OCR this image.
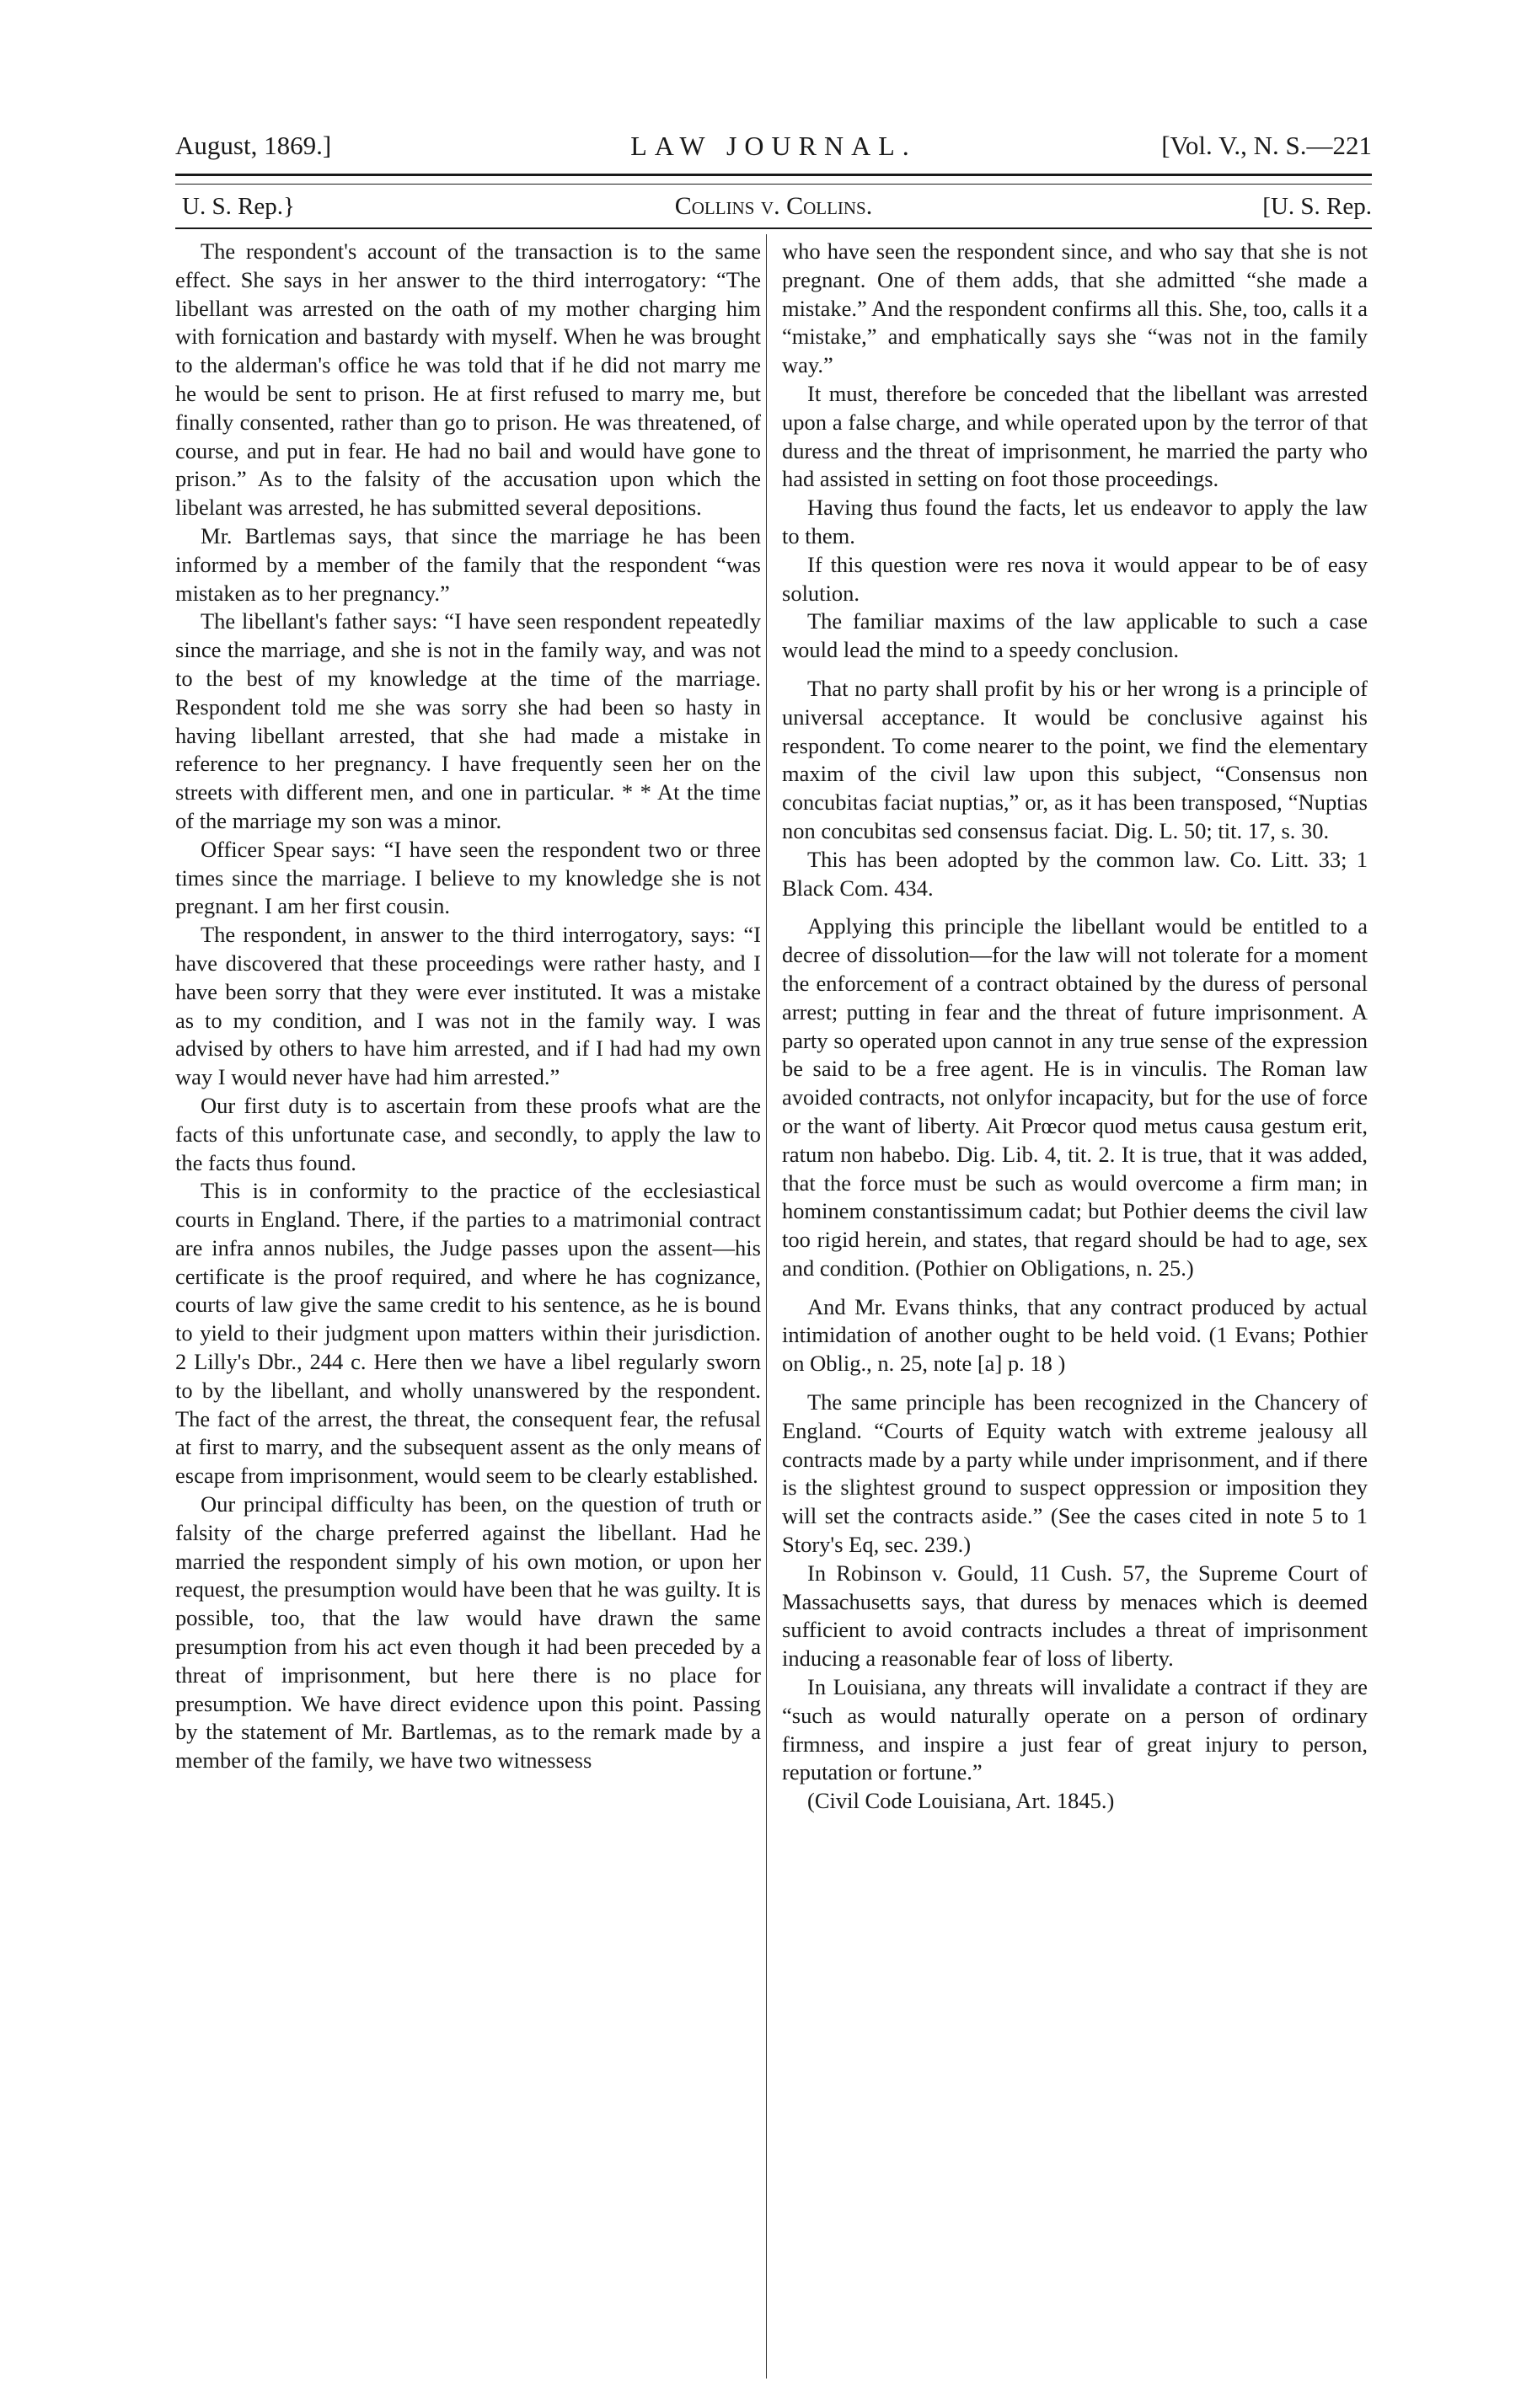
August, 1869.]	LAW JOURNAL.	[Vol. V., N. S.—221
U. S. Rep.}	Collins v. Collins.	[U. S. Rep.

The respondent's account of the transaction is to the same effect. She says in her answer to the third interrogatory: “The libellant was arrested on the oath of my mother charging him with fornication and bastardy with myself. When he was brought to the alderman's office he was told that if he did not marry me he would be sent to prison. He at first refused to marry me, but finally consented, rather than go to prison. He was threatened, of course, and put in fear. He had no bail and would have gone to prison.” As to the falsity of the accusation upon which the libelant was arrested, he has submitted several depositions.

Mr. Bartlemas says, that since the marriage he has been informed by a member of the family that the respondent “was mistaken as to her pregnancy.”

The libellant's father says: “I have seen respondent repeatedly since the marriage, and she is not in the family way, and was not to the best of my knowledge at the time of the marriage. Respondent told me she was sorry she had been so hasty in having libellant arrested, that she had made a mistake in reference to her pregnancy. I have frequently seen her on the streets with different men, and one in particular. * * At the time of the marriage my son was a minor.

Officer Spear says: “I have seen the respondent two or three times since the marriage. I believe to my knowledge she is not pregnant. I am her first cousin.

The respondent, in answer to the third interrogatory, says: “I have discovered that these proceedings were rather hasty, and I have been sorry that they were ever instituted. It was a mistake as to my condition, and I was not in the family way. I was advised by others to have him arrested, and if I had had my own way I would never have had him arrested.”

Our first duty is to ascertain from these proofs what are the facts of this unfortunate case, and secondly, to apply the law to the facts thus found.

This is in conformity to the practice of the ecclesiastical courts in England. There, if the parties to a matrimonial contract are infra annos nubiles, the Judge passes upon the assent—his certificate is the proof required, and where he has cognizance, courts of law give the same credit to his sentence, as he is bound to yield to their judgment upon matters within their jurisdiction. 2 Lilly's Dbr., 244 c. Here then we have a libel regularly sworn to by the libellant, and wholly unanswered by the respondent. The fact of the arrest, the threat, the consequent fear, the refusal at first to marry, and the subsequent assent as the only means of escape from imprisonment, would seem to be clearly established.

Our principal difficulty has been, on the question of truth or falsity of the charge preferred against the libellant. Had he married the respondent simply of his own motion, or upon her request, the presumption would have been that he was guilty. It is possible, too, that the law would have drawn the same presumption from his act even though it had been preceded by a threat of imprisonment, but here there is no place for presumption. We have direct evidence upon this point. Passing by the statement of Mr. Bartlemas, as to the remark made by a member of the family, we have two witnessess

who have seen the respondent since, and who say that she is not pregnant. One of them adds, that she admitted “she made a mistake.” And the respondent confirms all this. She, too, calls it a “mistake,” and emphatically says she “was not in the family way.”

It must, therefore be conceded that the libellant was arrested upon a false charge, and while operated upon by the terror of that duress and the threat of imprisonment, he married the party who had assisted in setting on foot those proceedings.

Having thus found the facts, let us endeavor to apply the law to them.

If this question were res nova it would appear to be of easy solution.

The familiar maxims of the law applicable to such a case would lead the mind to a speedy conclusion.

That no party shall profit by his or her wrong is a principle of universal acceptance. It would be conclusive against his respondent. To come nearer to the point, we find the elementary maxim of the civil law upon this subject, “Consensus non concubitas faciat nuptias,” or, as it has been transposed, “Nuptias non concubitas sed consensus faciat. Dig. L. 50; tit. 17, s. 30.

This has been adopted by the common law. Co. Litt. 33; 1 Black Com. 434.

Applying this principle the libellant would be entitled to a decree of dissolution—for the law will not tolerate for a moment the enforcement of a contract obtained by the duress of personal arrest; putting in fear and the threat of future imprisonment. A party so operated upon cannot in any true sense of the expression be said to be a free agent. He is in vinculis. The Roman law avoided contracts, not onlyfor incapacity, but for the use of force or the want of liberty. Ait Prœcor quod metus causa gestum erit, ratum non habebo. Dig. Lib. 4, tit. 2. It is true, that it was added, that the force must be such as would overcome a firm man; in hominem constantissimum cadat; but Pothier deems the civil law too rigid herein, and states, that regard should be had to age, sex and condition. (Pothier on Obligations, n. 25.)

And Mr. Evans thinks, that any contract produced by actual intimidation of another ought to be held void. (1 Evans; Pothier on Oblig., n. 25, note [a] p. 18 )

The same principle has been recognized in the Chancery of England. “Courts of Equity watch with extreme jealousy all contracts made by a party while under imprisonment, and if there is the slightest ground to suspect oppression or imposition they will set the contracts aside.” (See the cases cited in note 5 to 1 Story's Eq, sec. 239.)

In Robinson v. Gould, 11 Cush. 57, the Supreme Court of Massachusetts says, that duress by menaces which is deemed sufficient to avoid contracts includes a threat of imprisonment inducing a reasonable fear of loss of liberty.

In Louisiana, any threats will invalidate a contract if they are “such as would naturally operate on a person of ordinary firmness, and inspire a just fear of great injury to person, reputation or fortune.”

(Civil Code Louisiana, Art. 1845.)
